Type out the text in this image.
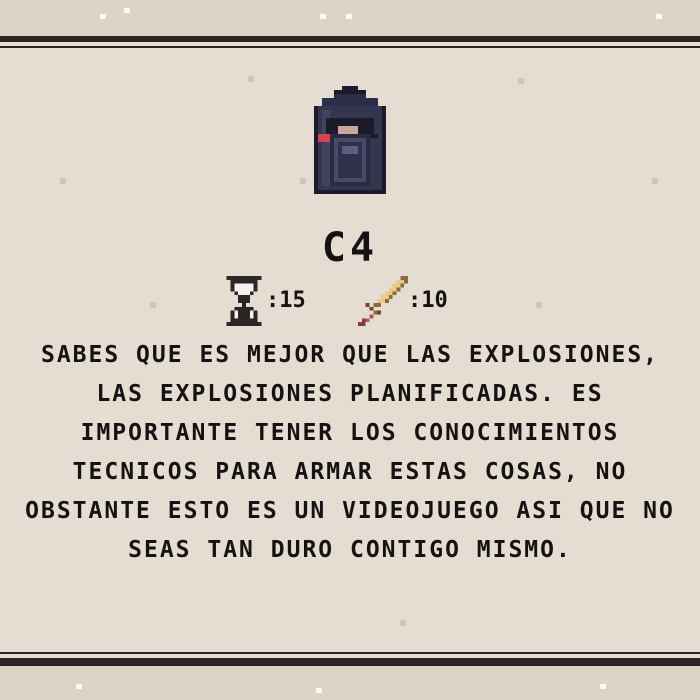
C4
:15	:10
SABES QUE ES MEJOR QUE LAS EXPLOSIONES, LAS EXPLOSIONES PLANIFICADAS. ES IMPORTANTE TENER LOS CONOCIMIENTOS TECNICOS PARA ARMAR ESTAS COSAS, NO OBSTANTE ESTO ES UN VIDEOJUEGO ASI QUE NO SEAS TAN DURO CONTIGO MISMO.
